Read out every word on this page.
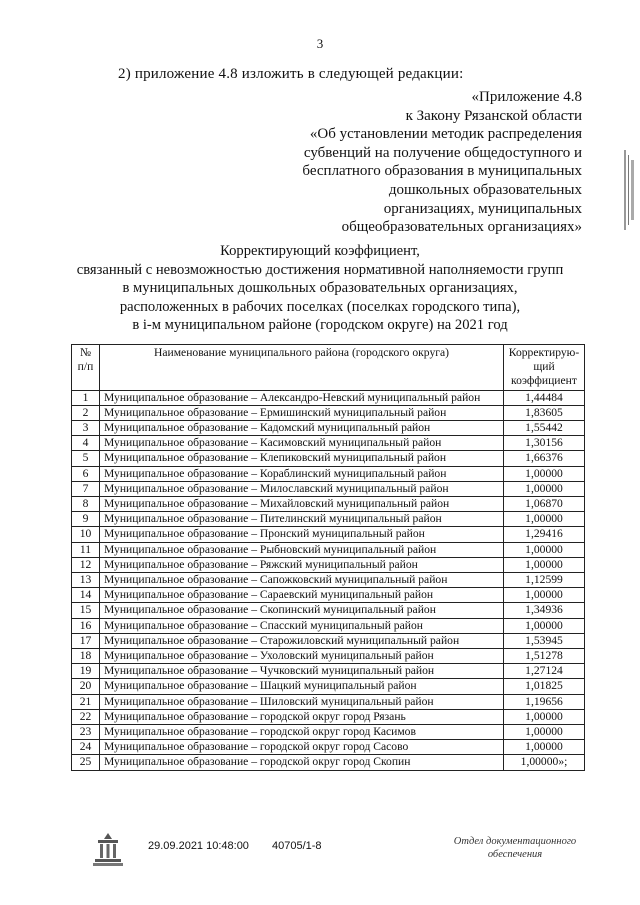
3
2) приложение 4.8 изложить в следующей редакции:
«Приложение 4.8
к Закону Рязанской области
«Об установлении методик распределения
субвенций на получение общедоступного и
бесплатного образования в муниципальных
дошкольных образовательных
организациях, муниципальных
общеобразовательных организациях»
Корректирующий коэффициент,
связанный с невозможностью достижения нормативной наполняемости групп
в муниципальных дошкольных образовательных организациях,
расположенных в рабочих поселках (поселках городского типа),
в i-м муниципальном районе (городском округе) на 2021 год
№ п/п	Наименование муниципального района (городского округа)	Корректирую-щий коэффициент
1	Муниципальное образование – Александро-Невский муниципальный район	1,44484
2	Муниципальное образование – Ермишинский муниципальный район	1,83605
3	Муниципальное образование – Кадомский муниципальный район	1,55442
4	Муниципальное образование – Касимовский муниципальный район	1,30156
5	Муниципальное образование – Клепиковский муниципальный район	1,66376
6	Муниципальное образование – Кораблинский муниципальный район	1,00000
7	Муниципальное образование – Милославский муниципальный район	1,00000
8	Муниципальное образование – Михайловский муниципальный район	1,06870
9	Муниципальное образование – Пителинский муниципальный район	1,00000
10	Муниципальное образование – Пронский муниципальный район	1,29416
11	Муниципальное образование – Рыбновский муниципальный район	1,00000
12	Муниципальное образование – Ряжский муниципальный район	1,00000
13	Муниципальное образование – Сапожковский муниципальный район	1,12599
14	Муниципальное образование – Сараевский муниципальный район	1,00000
15	Муниципальное образование – Скопинский муниципальный район	1,34936
16	Муниципальное образование – Спасский муниципальный район	1,00000
17	Муниципальное образование – Старожиловский муниципальный район	1,53945
18	Муниципальное образование – Ухоловский муниципальный район	1,51278
19	Муниципальное образование – Чучковский муниципальный район	1,27124
20	Муниципальное образование – Шацкий муниципальный район	1,01825
21	Муниципальное образование – Шиловский муниципальный район	1,19656
22	Муниципальное образование – городской округ город Рязань	1,00000
23	Муниципальное образование – городской округ город Касимов	1,00000
24	Муниципальное образование – городской округ город Сасово	1,00000
25	Муниципальное образование – городской округ город Скопин	1,00000»;
29.09.2021 10:48:00 40705/1-8	Отдел документационного обеспечения
